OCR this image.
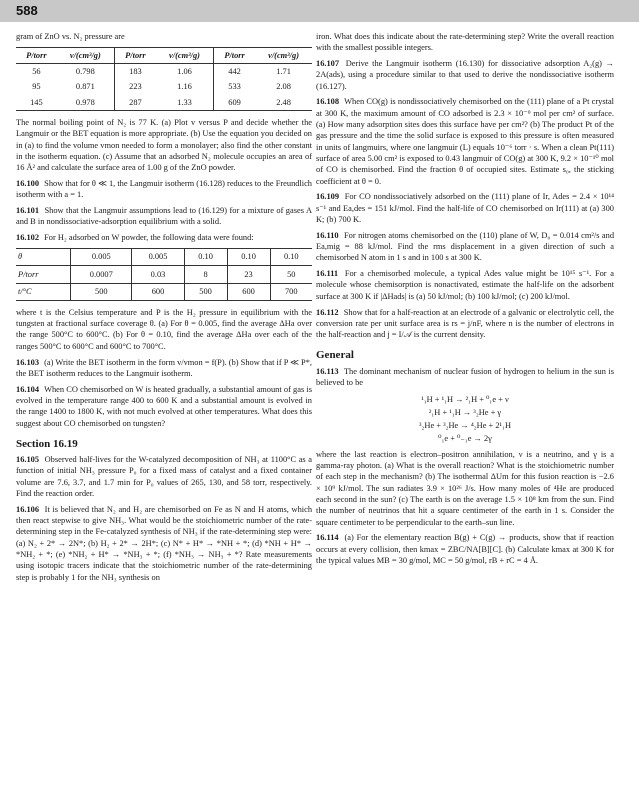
588

gram of ZnO vs. N₂ pressure are

P/torr	v/(cm³/g)	P/torr	v/(cm³/g)	P/torr	v/(cm³/g)
56	0.798	183	1.06	442	1.71
95	0.871	223	1.16	533	2.08
145	0.978	287	1.33	609	2.48

The normal boiling point of N₂ is 77 K. (a) Plot v versus P and decide whether the Langmuir or the BET equation is more appropriate. (b) Use the equation you decided on in (a) to find the volume vmon needed to form a monolayer; also find the other constant in the isotherm equation. (c) Assume that an adsorbed N₂ molecule occupies an area of 16 Å² and calculate the surface area of 1.00 g of the ZnO powder.

16.100 Show that for θ ≪ 1, the Langmuir isotherm (16.128) reduces to the Freundlich isotherm with a = 1.

16.101 Show that the Langmuir assumptions lead to (16.129) for a mixture of gases A and B in nondissociative-adsorption equilibrium with a solid.

16.102 For H₂ adsorbed on W powder, the following data were found:

θ	0.005	0.005	0.10	0.10	0.10
P/torr	0.0007	0.03	8	23	50
t/°C	500	600	500	600	700

where t is the Celsius temperature and P is the H₂ pressure in equilibrium with the tungsten at fractional surface coverage θ. (a) For θ = 0.005, find the average ΔHa over the range 500°C to 600°C. (b) For θ = 0.10, find the average ΔHa over each of the ranges 500°C to 600°C and 600°C to 700°C.

16.103 (a) Write the BET isotherm in the form v/vmon = f(P). (b) Show that if P ≪ P*, the BET isotherm reduces to the Langmuir isotherm.

16.104 When CO chemisorbed on W is heated gradually, a substantial amount of gas is evolved in the temperature range 400 to 600 K and a substantial amount is evolved in the range 1400 to 1800 K, with not much evolved at other temperatures. What does this suggest about CO chemisorbed on tungsten?

Section 16.19

16.105 Observed half-lives for the W-catalyzed decomposition of NH₃ at 1100°C as a function of initial NH₃ pressure P₀ for a fixed mass of catalyst and a fixed container volume are 7.6, 3.7, and 1.7 min for P₀ values of 265, 130, and 58 torr, respectively. Find the reaction order.

16.106 It is believed that N₂ and H₂ are chemisorbed on Fe as N and H atoms, which then react stepwise to give NH₃. What would be the stoichiometric number of the rate-determining step in the Fe-catalyzed synthesis of NH₃ if the rate-determining step were: (a) N₂ + 2* → 2N*; (b) H₂ + 2* → 2H*; (c) N* + H* → *NH + *; (d) *NH + H* → *NH₂ + *; (e) *NH₂ + H* → *NH₃ + *; (f) *NH₃ → NH₃ + *? Rate measurements using isotopic tracers indicate that the stoichiometric number of the rate-determining step is probably 1 for the NH₃ synthesis on

iron. What does this indicate about the rate-determining step? Write the overall reaction with the smallest possible integers.

16.107 Derive the Langmuir isotherm (16.130) for dissociative adsorption A₂(g) → 2A(ads), using a procedure similar to that used to derive the nondissociative isotherm (16.127).

16.108 When CO(g) is nondissociatively chemisorbed on the (111) plane of a Pt crystal at 300 K, the maximum amount of CO adsorbed is 2.3 × 10⁻⁹ mol per cm² of surface. (a) How many adsorption sites does this surface have per cm²? (b) The product Pt of the gas pressure and the time the solid surface is exposed to this pressure is often measured in units of langmuirs, where one langmuir (L) equals 10⁻⁶ torr · s. When a clean Pt(111) surface of area 5.00 cm² is exposed to 0.43 langmuir of CO(g) at 300 K, 9.2 × 10⁻¹⁰ mol of CO is chemisorbed. Find the fraction θ of occupied sites. Estimate s₀, the sticking coefficient at θ = 0.

16.109 For CO nondissociatively adsorbed on the (111) plane of Ir, Ades = 2.4 × 10¹⁴ s⁻¹ and Ea,des = 151 kJ/mol. Find the half-life of CO chemisorbed on Ir(111) at (a) 300 K; (b) 700 K.

16.110 For nitrogen atoms chemisorbed on the (110) plane of W, D₀ = 0.014 cm²/s and Ea,mig = 88 kJ/mol. Find the rms displacement in a given direction of such a chemisorbed N atom in 1 s and in 100 s at 300 K.

16.111 For a chemisorbed molecule, a typical Ades value might be 10¹⁵ s⁻¹. For a molecule whose chemisorption is nonactivated, estimate the half-life on the adsorbent surface at 300 K if |ΔHads| is (a) 50 kJ/mol; (b) 100 kJ/mol; (c) 200 kJ/mol.

16.112 Show that for a half-reaction at an electrode of a galvanic or electrolytic cell, the conversion rate per unit surface area is rs = j/nF, where n is the number of electrons in the half-reaction and j = I/𝒜 is the current density.

General

16.113 The dominant mechanism of nuclear fusion of hydrogen to helium in the sun is believed to be

¹₁H + ¹₁H → ²₁H + ⁰₁e + ν
²₁H + ¹₁H → ³₂He + γ
³₂He + ³₂He → ⁴₂He + 2¹₁H
⁰₁e + ⁰₋₁e → 2γ

where the last reaction is electron–positron annihilation, ν is a neutrino, and γ is a gamma-ray photon. (a) What is the overall reaction? What is the stoichiometric number of each step in the mechanism? (b) The isothermal ΔUm for this fusion reaction is −2.6 × 10⁹ kJ/mol. The sun radiates 3.9 × 10²⁶ J/s. How many moles of ⁴He are produced each second in the sun? (c) The earth is on the average 1.5 × 10⁸ km from the sun. Find the number of neutrinos that hit a square centimeter of the earth in 1 s. Consider the square centimeter to be perpendicular to the earth–sun line.

16.114 (a) For the elementary reaction B(g) + C(g) → products, show that if reaction occurs at every collision, then kmax = ZBC/NA[B][C]. (b) Calculate kmax at 300 K for the typical values MB = 30 g/mol, MC = 50 g/mol, rB + rC = 4 Å.
